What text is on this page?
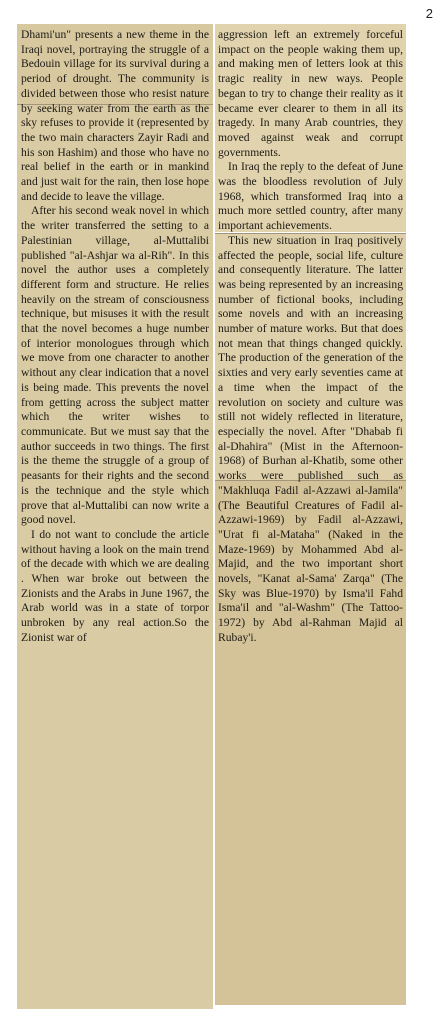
2

Dhami'un" presents a new theme in the Iraqi novel, portraying the struggle of a Bedouin village for its survival during a period of drought. The community is divided between those who resist nature by seeking water from the earth as the sky refuses to provide it (represented by the two main characters Zayir Radi and his son Hashim) and those who have no real belief in the earth or in mankind and just wait for the rain, then lose hope and decide to leave the village.

After his second weak novel in which the writer transferred the setting to a Palestinian village, al-Muttalibi published "al-Ashjar wa al-Rih". In this novel the author uses a completely different form and structure. He relies heavily on the stream of consciousness technique, but misuses it with the result that the novel becomes a huge number of interior monologues through which we move from one character to another without any clear indication that a novel is being made. This prevents the novel from getting across the subject matter which the writer wishes to communicate. But we must say that the author succeeds in two things. The first is the theme the struggle of a group of peasants for their rights and the second is the technique and the style which prove that al-Muttalibi can now write a good novel.

I do not want to conclude the article without having a look on the main trend of the decade with which we are dealing . When war broke out between the Zionists and the Arabs in June 1967, the Arab world was in a state of torpor unbroken by any real action.So the Zionist war of

aggression left an extremely forceful impact on the people waking them up, and making men of letters look at this tragic reality in new ways. People began to try to change their reality as it became ever clearer to them in all its tragedy. In many Arab countries, they moved against weak and corrupt governments.

In Iraq the reply to the defeat of June was the bloodless revolution of July 1968, which transformed Iraq into a much more settled country, after many important achievements.

This new situation in Iraq positively affected the people, social life, culture and consequently literature. The latter was being represented by an increasing number of fictional books, including some novels and with an increasing number of mature works. But that does not mean that things changed quickly. The production of the generation of the sixties and very early seventies came at a time when the impact of the revolution on society and culture was still not widely reflected in literature, especially the novel. After "Dhabab fi al-Dhahira" (Mist in the Afternoon-1968) of Burhan al-Khatib, some other works were published such as "Makhluqa Fadil al-Azzawi al-Jamila" (The Beautiful Creatures of Fadil al-Azzawi-1969) by Fadil al-Azzawi, "Urat fi al-Mataha" (Naked in the Maze-1969) by Mohammed Abd al-Majid, and the two important short novels, "Kanat al-Sama' Zarqa" (The Sky was Blue-1970) by Isma'il Fahd Isma'il and "al-Washm" (The Tattoo-1972) by Abd al-Rahman Majid al Rubay'i.
